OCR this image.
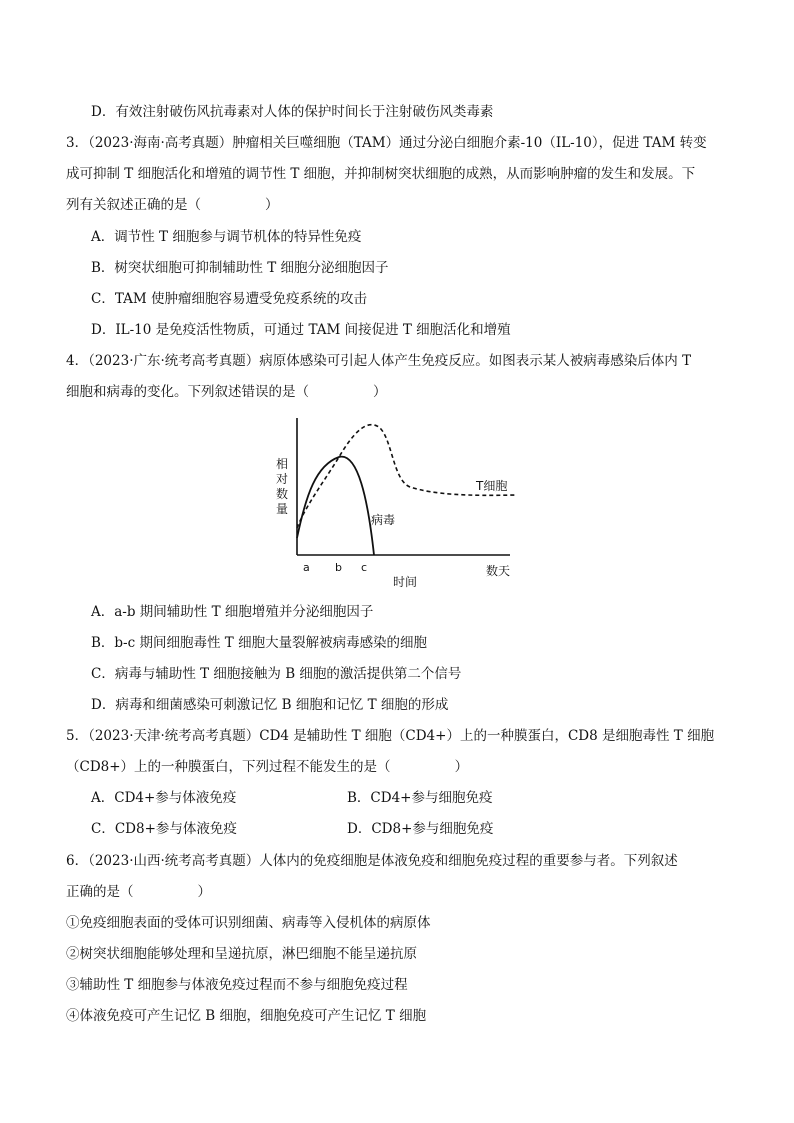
D．有效注射破伤风抗毒素对人体的保护时间长于注射破伤风类毒素
3．（2023·海南·高考真题）肿瘤相关巨噬细胞（TAM）通过分泌白细胞介素-10（IL-10），促进 TAM 转变
成可抑制 T 细胞活化和增殖的调节性 T 细胞，并抑制树突状细胞的成熟，从而影响肿瘤的发生和发展。下
列有关叙述正确的是（	）
A．调节性 T 细胞参与调节机体的特异性免疫
B．树突状细胞可抑制辅助性 T 细胞分泌细胞因子
C．TAM 使肿瘤细胞容易遭受免疫系统的攻击
D．IL-10 是免疫活性物质，可通过 TAM 间接促进 T 细胞活化和增殖
4．（2023·广东·统考高考真题）病原体感染可引起人体产生免疫反应。如图表示某人被病毒感染后体内 T
细胞和病毒的变化。下列叙述错误的是（	）
相
对
数
量
T细胞
病毒
a b c
时间
数天
A．a-b 期间辅助性 T 细胞增殖并分泌细胞因子
B．b-c 期间细胞毒性 T 细胞大量裂解被病毒感染的细胞
C．病毒与辅助性 T 细胞接触为 B 细胞的激活提供第二个信号
D．病毒和细菌感染可刺激记忆 B 细胞和记忆 T 细胞的形成
5．（2023·天津·统考高考真题）CD4 是辅助性 T 细胞（CD4+）上的一种膜蛋白，CD8 是细胞毒性 T 细胞
（CD8+）上的一种膜蛋白，下列过程不能发生的是（	）
A．CD4+参与体液免疫	B．CD4+参与细胞免疫
C．CD8+参与体液免疫	D．CD8+参与细胞免疫
6．（2023·山西·统考高考真题）人体内的免疫细胞是体液免疫和细胞免疫过程的重要参与者。下列叙述
正确的是（	）
①免疫细胞表面的受体可识别细菌、病毒等入侵机体的病原体
②树突状细胞能够处理和呈递抗原，淋巴细胞不能呈递抗原
③辅助性 T 细胞参与体液免疫过程而不参与细胞免疫过程
④体液免疫可产生记忆 B 细胞，细胞免疫可产生记忆 T 细胞
